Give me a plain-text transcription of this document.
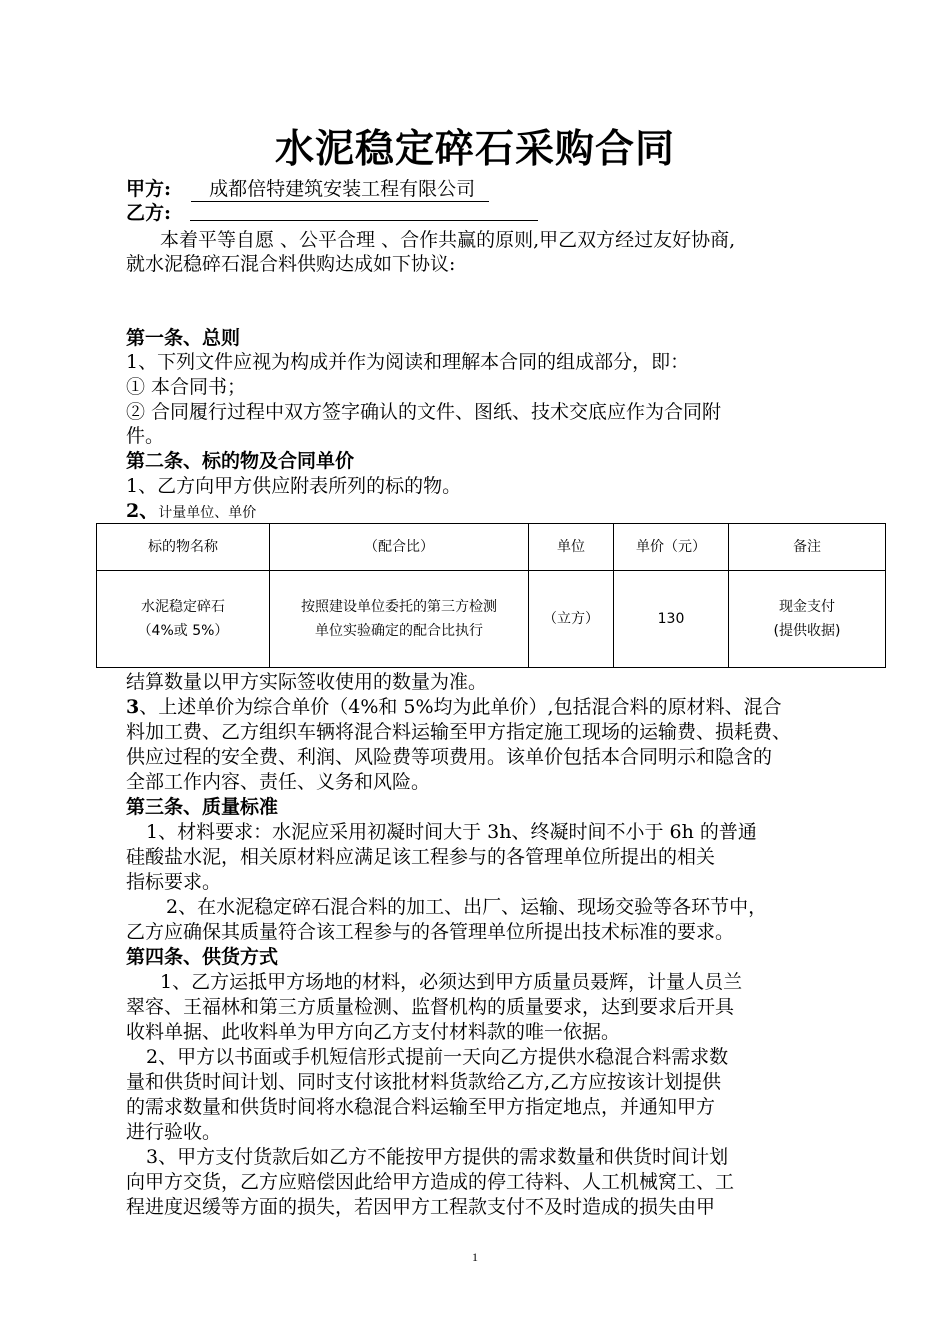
水泥稳定碎石采购合同
甲方: 成都倍特建筑安装工程有限公司
乙方:
本着平等自愿 、公平合理 、合作共赢的原则,甲乙双方经过友好协商,
就水泥稳碎石混合料供购达成如下协议:
第一条、总则
1、下列文件应视为构成并作为阅读和理解本合同的组成部分，即：
① 本合同书；
② 合同履行过程中双方签字确认的文件、图纸、技术交底应作为合同附
件。
第二条、标的物及合同单价
1、乙方向甲方供应附表所列的标的物。
2、计量单位、单价
标的物名称	（配合比）	单位	单价（元）	备注

水泥稳定碎石
（4%或 5%）	按照建设单位委托的第三方检测
单位实验确定的配合比执行	（立方）	130	现金支付
(提供收据)
结算数量以甲方实际签收使用的数量为准。
3、上述单价为综合单价（4%和 5%均为此单价）,包括混合料的原材料、混合
料加工费、乙方组织车辆将混合料运输至甲方指定施工现场的运输费、损耗费、
供应过程的安全费、利润、风险费等项费用。该单价包括本合同明示和隐含的
全部工作内容、责任、义务和风险。
第三条、质量标准
1、材料要求：水泥应采用初凝时间大于 3h、终凝时间不小于 6h 的普通
硅酸盐水泥，相关原材料应满足该工程参与的各管理单位所提出的相关
指标要求。
2、在水泥稳定碎石混合料的加工、出厂、运输、现场交验等各环节中，
乙方应确保其质量符合该工程参与的各管理单位所提出技术标准的要求。
第四条、供货方式
1、乙方运抵甲方场地的材料，必须达到甲方质量员聂辉，计量人员兰
翠容、王福林和第三方质量检测、监督机构的质量要求，达到要求后开具
收料单据、此收料单为甲方向乙方支付材料款的唯一依据。
2、甲方以书面或手机短信形式提前一天向乙方提供水稳混合料需求数
量和供货时间计划、同时支付该批材料货款给乙方,乙方应按该计划提供
的需求数量和供货时间将水稳混合料运输至甲方指定地点，并通知甲方
进行验收。
3、甲方支付货款后如乙方不能按甲方提供的需求数量和供货时间计划
向甲方交货，乙方应赔偿因此给甲方造成的停工待料、人工机械窝工、工
程进度迟缓等方面的损失，若因甲方工程款支付不及时造成的损失由甲
1
